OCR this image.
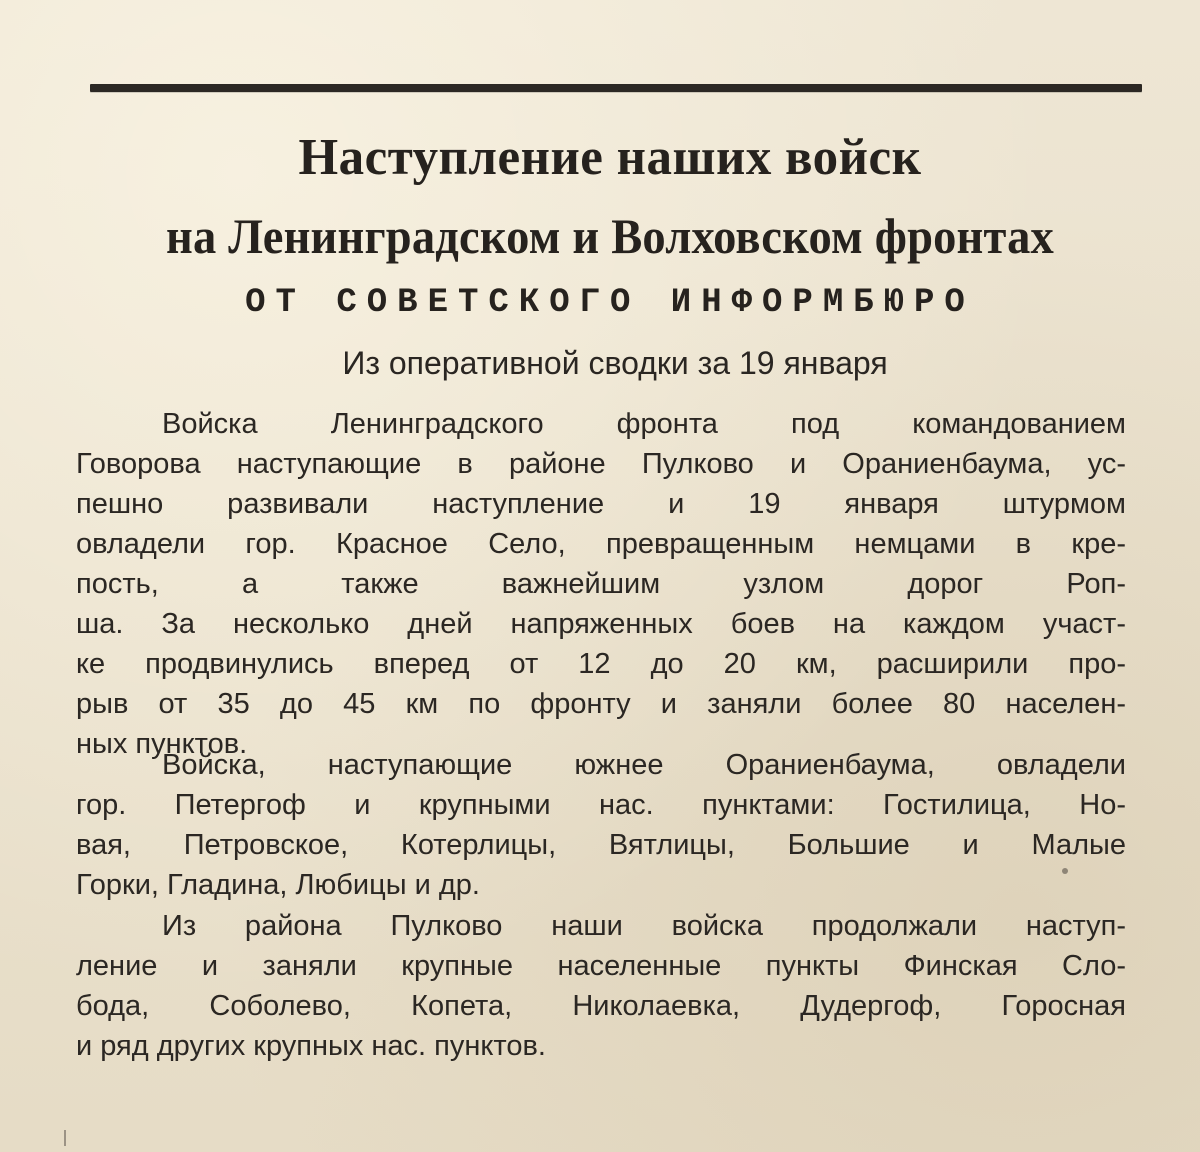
Наступление наших войск
на Ленинградском и Волховском фронтах
ОТ СОВЕТСКОГО ИНФОРМБЮРО
Из оперативной сводки за 19 января
Войска Ленинградского фронта под командованием
Говорова наступающие в районе Пулково и Ораниенбаума, ус-
пешно развивали наступление и 19 января штурмом
овладели гор. Красное Село, превращенным немцами в кре-
пость, а также важнейшим узлом дорог Роп-
ша. За несколько дней напряженных боев на каждом участ-
ке продвинулись вперед от 12 до 20 км, расширили про-
рыв от 35 до 45 км по фронту и заняли более 80 населен-
ных пунктов.
Войска, наступающие южнее Ораниенбаума, овладели
гор. Петергоф и крупными нас. пунктами: Гостилица, Но-
вая, Петровское, Котерлицы, Вятлицы, Большие и Малые
Горки, Гладина, Любицы и др.
Из района Пулково наши войска продолжали наступ-
ление и заняли крупные населенные пункты Финская Сло-
бода, Соболево, Копета, Николаевка, Дудергоф, Горосная
и ряд других крупных нас. пунктов.
